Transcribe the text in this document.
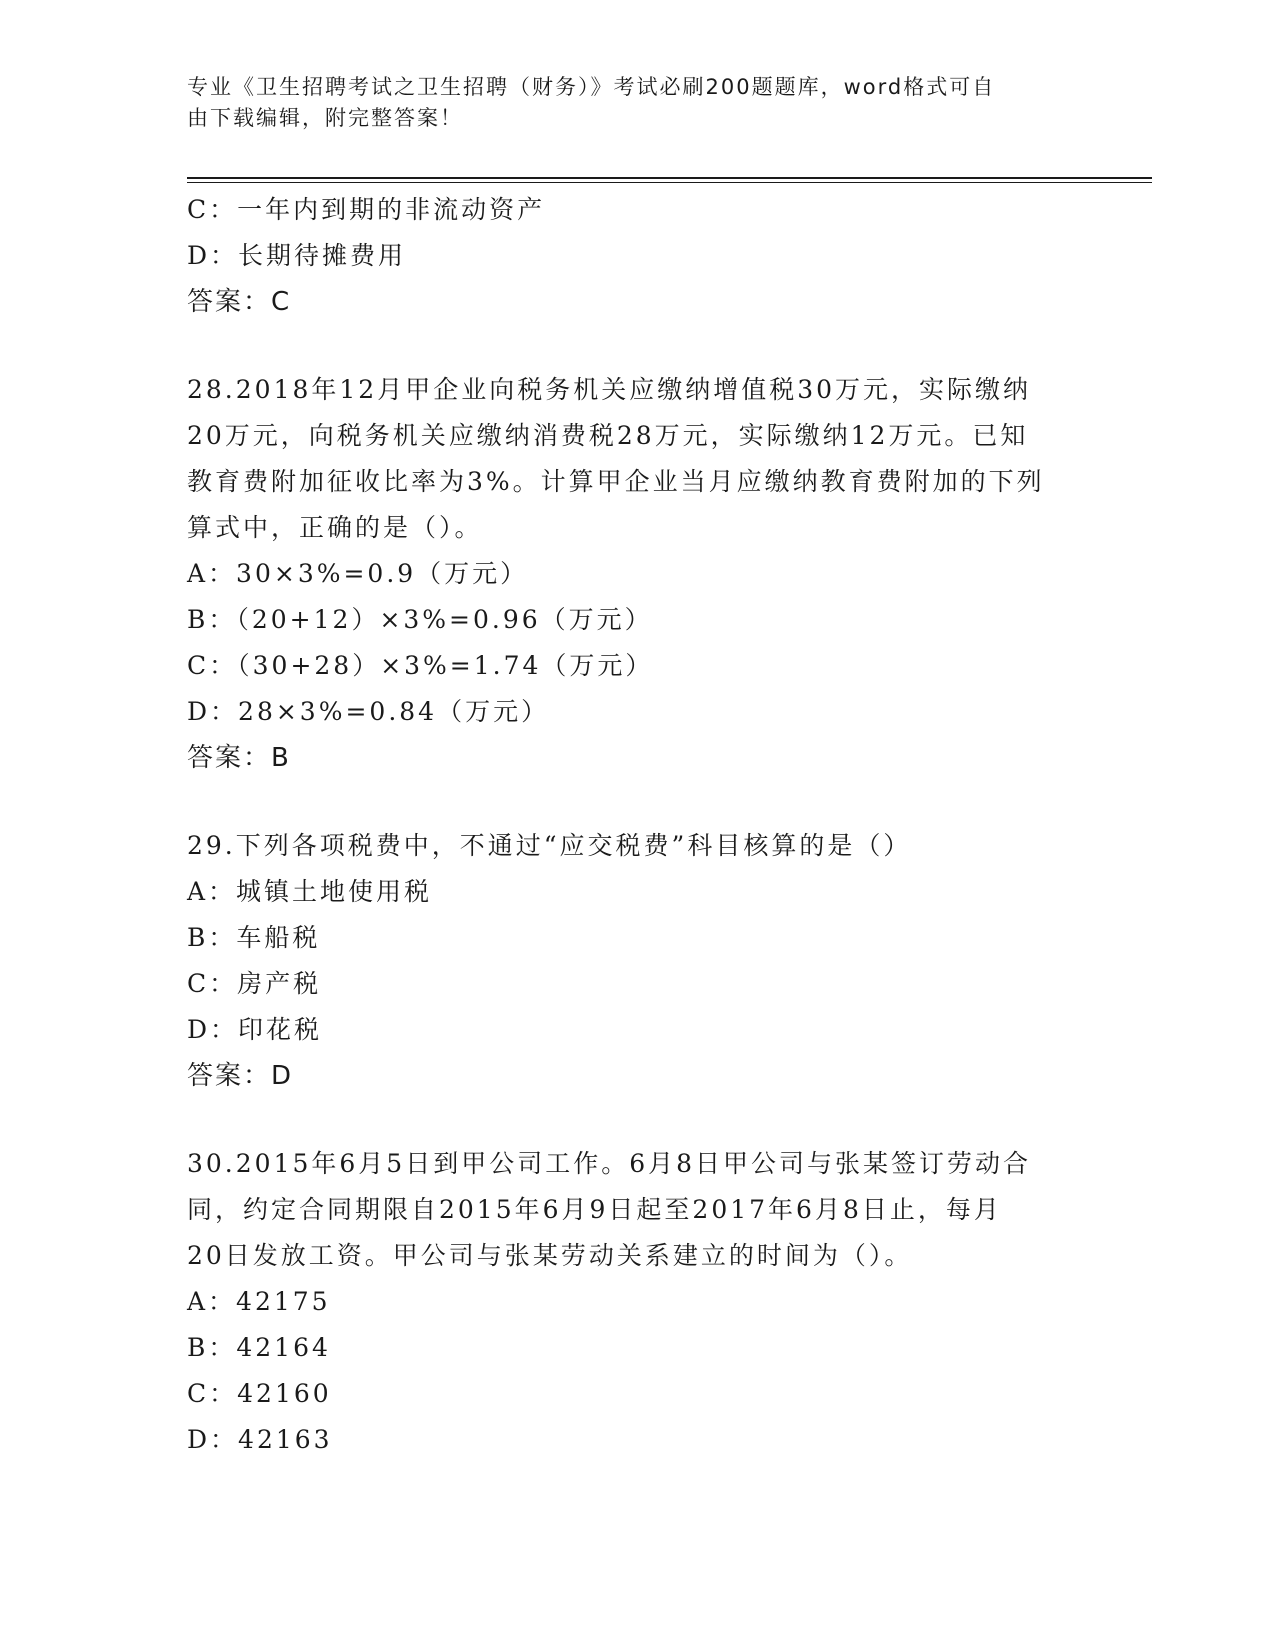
专业《卫生招聘考试之卫生招聘（财务）》考试必刷200题题库，word格式可自
由下载编辑，附完整答案！
C：一年内到期的非流动资产
D：长期待摊费用
答案：C
28.2018年12月甲企业向税务机关应缴纳增值税30万元，实际缴纳
20万元，向税务机关应缴纳消费税28万元，实际缴纳12万元。已知
教育费附加征收比率为3%。计算甲企业当月应缴纳教育费附加的下列
算式中，正确的是（）。
A：30×3%=0.9（万元）
B：（20+12）×3%=0.96（万元）
C：（30+28）×3%=1.74（万元）
D：28×3%=0.84（万元）
答案：B
29.下列各项税费中，不通过“应交税费”科目核算的是（）
A：城镇土地使用税
B：车船税
C：房产税
D：印花税
答案：D
30.2015年6月5日到甲公司工作。6月8日甲公司与张某签订劳动合
同，约定合同期限自2015年6月9日起至2017年6月8日止，每月
20日发放工资。甲公司与张某劳动关系建立的时间为（）。
A：42175
B：42164
C：42160
D：42163
